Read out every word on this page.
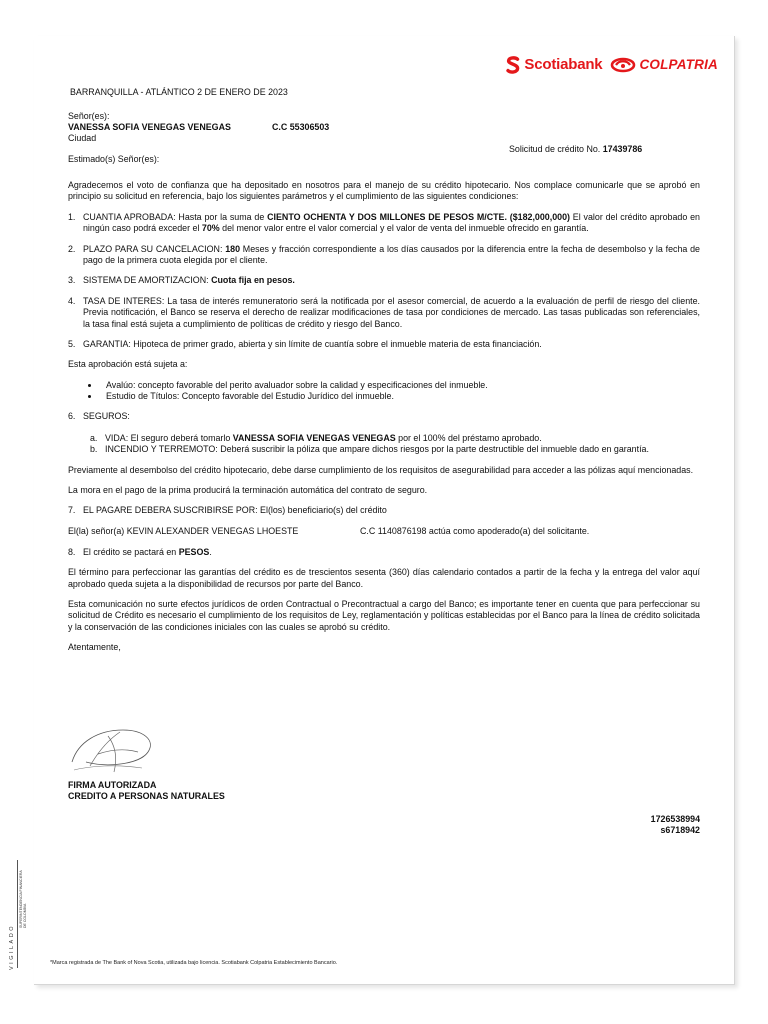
Scotiabank	COLPATRIA
BARRANQUILLA - ATLÁNTICO 2 DE ENERO DE 2023
Señor(es):
VANESSA SOFIA VENEGAS VENEGAS	C.C 55306503
Ciudad
Solicitud de crédito No. 17439786
Estimado(s) Señor(es):

Agradecemos el voto de confianza que ha depositado en nosotros para el manejo de su crédito hipotecario. Nos complace comunicarle que se aprobó en principio su solicitud en referencia, bajo los siguientes parámetros y el cumplimiento de las siguientes condiciones:

1. CUANTIA APROBADA: Hasta por la suma de CIENTO OCHENTA Y DOS MILLONES DE PESOS M/CTE. ($182,000,000) El valor del crédito aprobado en ningún caso podrá exceder el 70% del menor valor entre el valor comercial y el valor de venta del inmueble ofrecido en garantía.
2. PLAZO PARA SU CANCELACION: 180 Meses y fracción correspondiente a los días causados por la diferencia entre la fecha de desembolso y la fecha de pago de la primera cuota elegida por el cliente.
3. SISTEMA DE AMORTIZACION: Cuota fija en pesos.
4. TASA DE INTERES: La tasa de interés remuneratorio será la notificada por el asesor comercial, de acuerdo a la evaluación de perfil de riesgo del cliente. Previa notificación, el Banco se reserva el derecho de realizar modificaciones de tasa por condiciones de mercado. Las tasas publicadas son referenciales, la tasa final está sujeta a cumplimiento de políticas de crédito y riesgo del Banco.
5. GARANTIA: Hipoteca de primer grado, abierta y sin límite de cuantía sobre el inmueble materia de esta financiación.

Esta aprobación está sujeta a:

• Avalúo: concepto favorable del perito avaluador sobre la calidad y especificaciones del inmueble.
• Estudio de Títulos: Concepto favorable del Estudio Jurídico del inmueble.
6. SEGUROS:
a. VIDA: El seguro deberá tomarlo VANESSA SOFIA VENEGAS VENEGAS por el 100% del préstamo aprobado.
b. INCENDIO Y TERREMOTO: Deberá suscribir la póliza que ampare dichos riesgos por la parte destructible del inmueble dado en garantía.

Previamente al desembolso del crédito hipotecario, debe darse cumplimiento de los requisitos de asegurabilidad para acceder a las pólizas aquí mencionadas.

La mora en el pago de la prima producirá la terminación automática del contrato de seguro.

7. EL PAGARE DEBERA SUSCRIBIRSE POR: El(los) beneficiario(s) del crédito
El(la) señor(a) KEVIN ALEXANDER VENEGAS LHOESTE	C.C 1140876198 actúa como apoderado(a) del solicitante.
8. El crédito se pactará en PESOS.

El término para perfeccionar las garantías del crédito es de trescientos sesenta (360) días calendario contados a partir de la fecha y la entrega del valor aquí aprobado queda sujeta a la disponibilidad de recursos por parte del Banco.

Esta comunicación no surte efectos jurídicos de orden Contractual o Precontractual a cargo del Banco; es importante tener en cuenta que para perfeccionar su solicitud de Crédito es necesario el cumplimiento de los requisitos de Ley, reglamentación y políticas establecidas por el Banco para la línea de crédito solicitada y la conservación de las condiciones iniciales con las cuales se aprobó su crédito.

Atentamente,

FIRMA AUTORIZADA
CREDITO A PERSONAS NATURALES
1726538994
s6718942
VIGILADO
SUPERINTENDENCIA FINANCIERA DE COLOMBIA
*Marca registrada de The Bank of Nova Scotia, utilizada bajo licencia. Scotiabank Colpatria Establecimiento Bancario.
